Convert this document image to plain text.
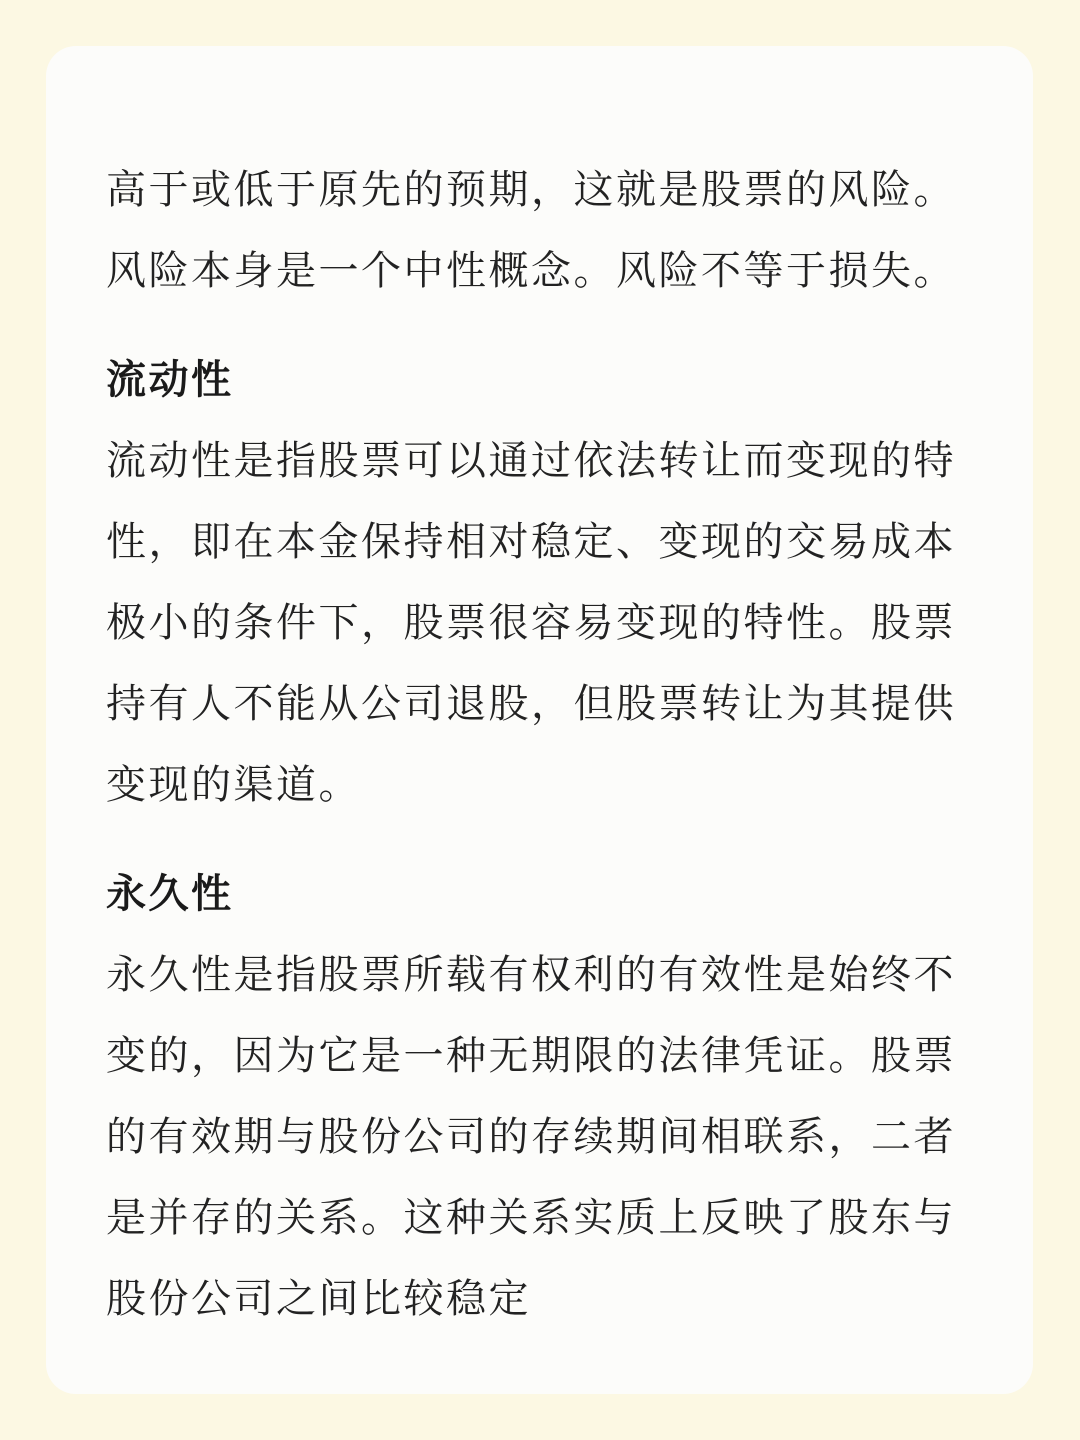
高于或低于原先的预期，这就是股票的风险。风险本身是一个中性概念。风险不等于损失。

流动性

流动性是指股票可以通过依法转让而变现的特性，即在本金保持相对稳定、变现的交易成本极小的条件下，股票很容易变现的特性。股票持有人不能从公司退股，但股票转让为其提供变现的渠道。

永久性

永久性是指股票所载有权利的有效性是始终不变的，因为它是一种无期限的法律凭证。股票的有效期与股份公司的存续期间相联系，二者是并存的关系。这种关系实质上反映了股东与股份公司之间比较稳定
